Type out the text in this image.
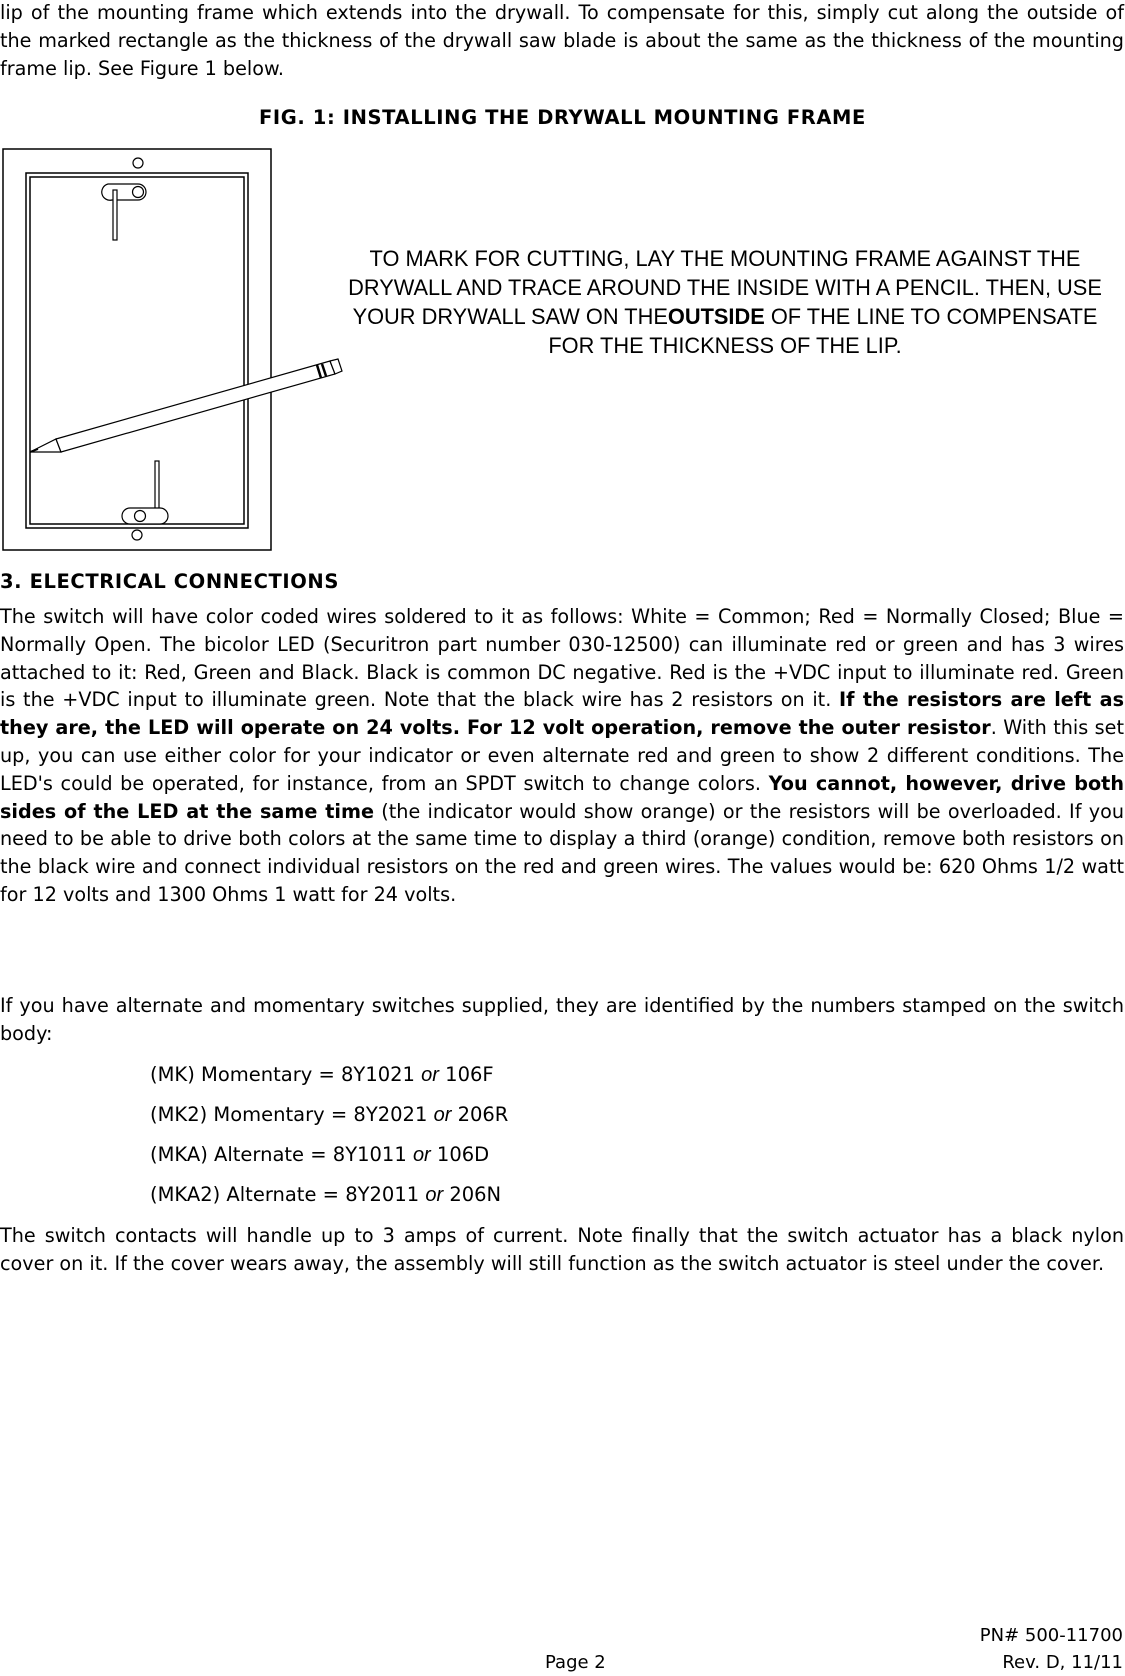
lip of the mounting frame which extends into the drywall. To compensate for this, simply cut along the outside of the marked rectangle as the thickness of the drywall saw blade is about the same as the thickness of the mounting frame lip. See Figure 1 below.

FIG. 1: INSTALLING THE DRYWALL MOUNTING FRAME

TO MARK FOR CUTTING, LAY THE MOUNTING FRAME AGAINST THE DRYWALL AND TRACE AROUND THE INSIDE WITH A PENCIL. THEN, USE YOUR DRYWALL SAW ON THEOUTSIDE OF THE LINE TO COMPENSATE FOR THE THICKNESS OF THE LIP.

3. ELECTRICAL CONNECTIONS

The switch will have color coded wires soldered to it as follows: White = Common; Red = Normally Closed; Blue = Normally Open. The bicolor LED (Securitron part number 030-12500) can illuminate red or green and has 3 wires attached to it: Red, Green and Black. Black is common DC negative. Red is the +VDC input to illuminate red. Green is the +VDC input to illuminate green. Note that the black wire has 2 resistors on it. If the resistors are left as they are, the LED will operate on 24 volts. For 12 volt operation, remove the outer resistor. With this set up, you can use either color for your indicator or even alternate red and green to show 2 different conditions. The LED's could be operated, for instance, from an SPDT switch to change colors. You cannot, however, drive both sides of the LED at the same time (the indicator would show orange) or the resistors will be overloaded. If you need to be able to drive both colors at the same time to display a third (orange) condition, remove both resistors on the black wire and connect individual resistors on the red and green wires. The values would be: 620 Ohms 1/2 watt for 12 volts and 1300 Ohms 1 watt for 24 volts.

If you have alternate and momentary switches supplied, they are identified by the numbers stamped on the switch body:

(MK) Momentary = 8Y1021 or 106F
(MK2) Momentary = 8Y2021 or 206R
(MKA) Alternate = 8Y1011 or 106D
(MKA2) Alternate = 8Y2011 or 206N

The switch contacts will handle up to 3 amps of current. Note finally that the switch actuator has a black nylon cover on it. If the cover wears away, the assembly will still function as the switch actuator is steel under the cover.

PN# 500-11700
Rev. D, 11/11
Page 2
